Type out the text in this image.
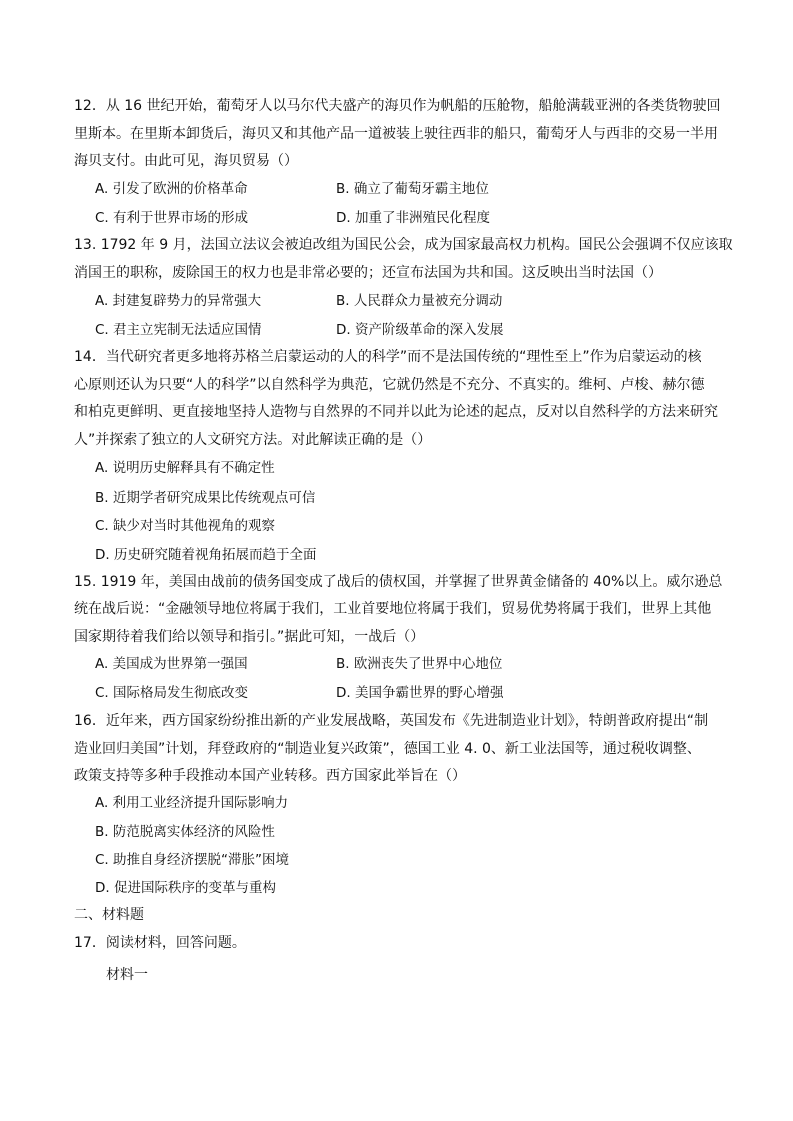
12．从 16 世纪开始，葡萄牙人以马尔代夫盛产的海贝作为帆船的压舱物，船舱满载亚洲的各类货物驶回
里斯本。在里斯本卸货后，海贝又和其他产品一道被装上驶往西非的船只，葡萄牙人与西非的交易一半用
海贝支付。由此可见，海贝贸易（）
A. 引发了欧洲的价格革命	B. 确立了葡萄牙霸主地位
C. 有利于世界市场的形成	D. 加重了非洲殖民化程度
13. 1792 年 9 月，法国立法议会被迫改组为国民公会，成为国家最高权力机构。国民公会强调不仅应该取
消国王的职称，废除国王的权力也是非常必要的；还宣布法国为共和国。这反映出当时法国（）
A. 封建复辟势力的异常强大	B. 人民群众力量被充分调动
C. 君主立宪制无法适应国情	D. 资产阶级革命的深入发展
14．当代研究者更多地将苏格兰启蒙运动的人的科学”而不是法国传统的“理性至上”作为启蒙运动的核
心原则还认为只要“人的科学”以自然科学为典范，它就仍然是不充分、不真实的。维柯、卢梭、赫尔德
和柏克更鲜明、更直接地坚持人造物与自然界的不同并以此为论述的起点，反对以自然科学的方法来研究
人”并探索了独立的人文研究方法。对此解读正确的是（）
A. 说明历史解释具有不确定性
B. 近期学者研究成果比传统观点可信
C. 缺少对当时其他视角的观察
D. 历史研究随着视角拓展而趋于全面
15. 1919 年，美国由战前的债务国变成了战后的债权国，并掌握了世界黄金储备的 40%以上。威尔逊总
统在战后说：“金融领导地位将属于我们，工业首要地位将属于我们，贸易优势将属于我们，世界上其他
国家期待着我们给以领导和指引。”据此可知，一战后（）
A. 美国成为世界第一强国	B. 欧洲丧失了世界中心地位
C. 国际格局发生彻底改变	D. 美国争霸世界的野心增强
16．近年来，西方国家纷纷推出新的产业发展战略，英国发布《先进制造业计划》，特朗普政府提出“制
造业回归美国”计划，拜登政府的“制造业复兴政策”，德国工业 4. 0、新工业法国等，通过税收调整、
政策支持等多种手段推动本国产业转移。西方国家此举旨在（）
A. 利用工业经济提升国际影响力
B. 防范脱离实体经济的风险性
C. 助推自身经济摆脱“滞胀”困境
D. 促进国际秩序的变革与重构
二、材料题
17．阅读材料，回答问题。
材料一
